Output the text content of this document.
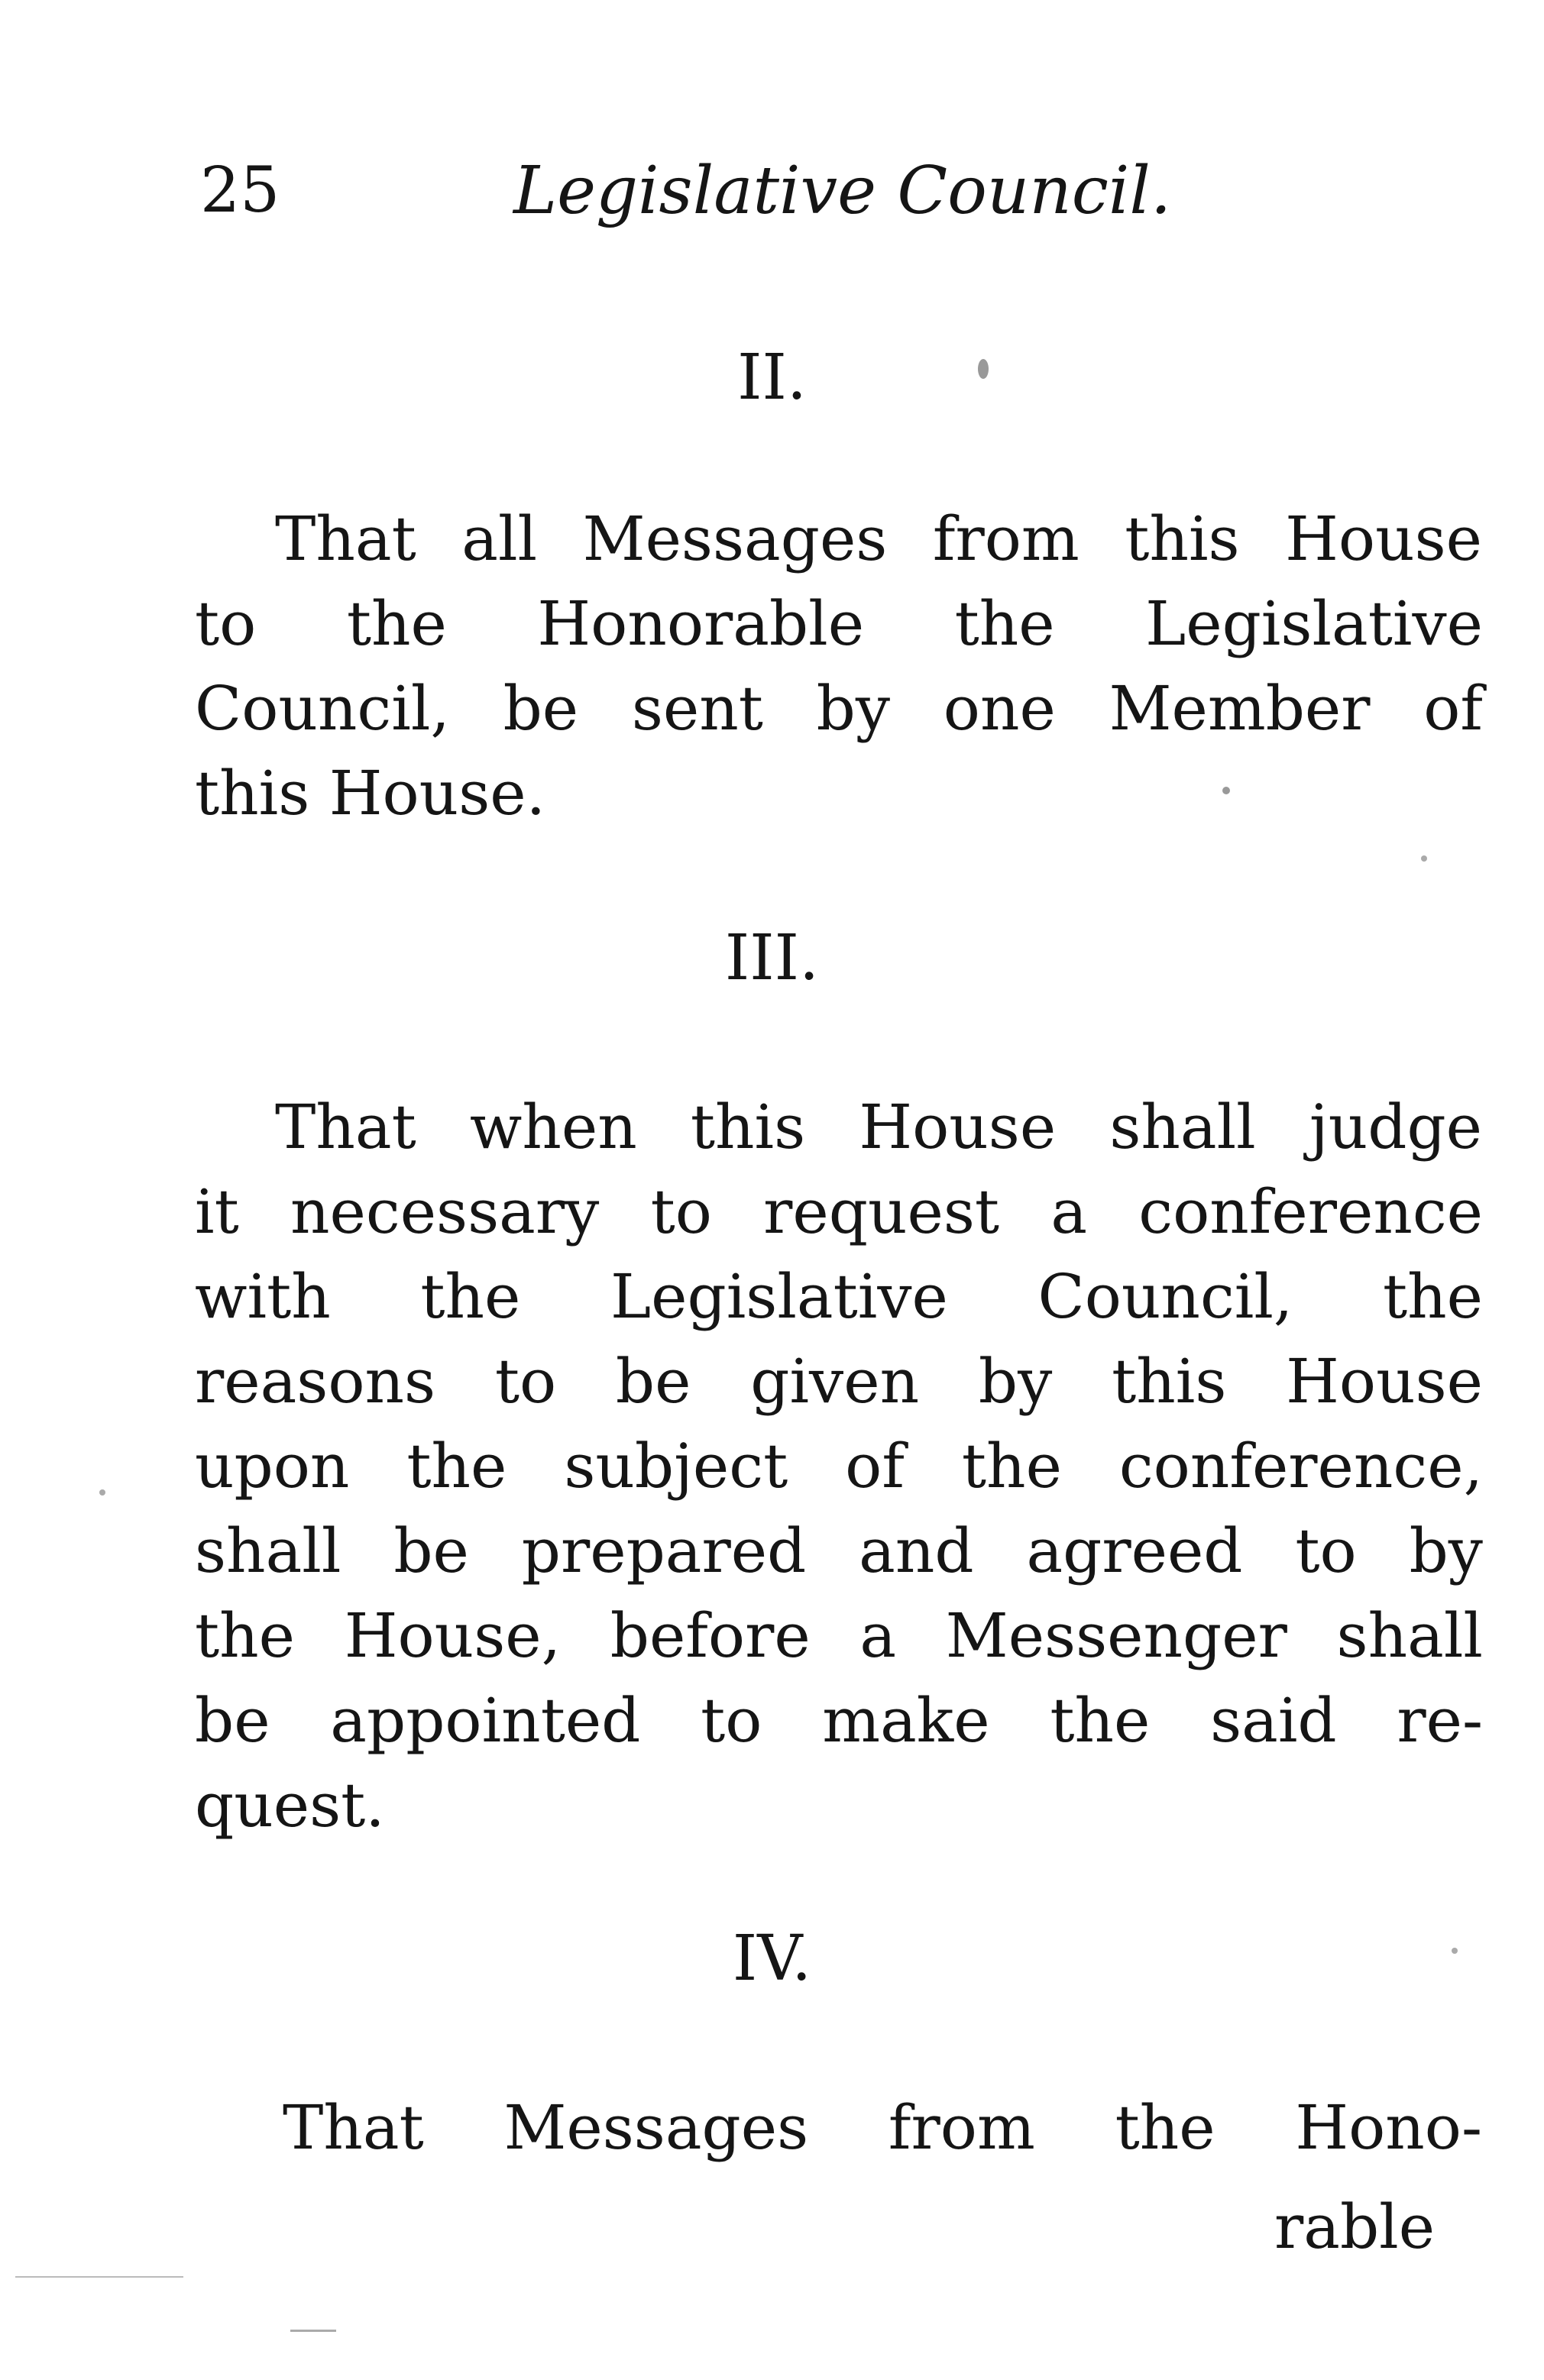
25	Legislative Council.
II.
That all Messages from this House
to the Honorable the Legislative
Council, be sent by one Member of
this House.
III.
That when this House shall judge
it necessary to request a conference
with the Legislative Council, the
reasons to be given by this House
upon the subject of the conference,
shall be prepared and agreed to by
the House, before a Messenger shall
be appointed to make the said re-
quest.
IV.
That Messages from the Hono-
rable
